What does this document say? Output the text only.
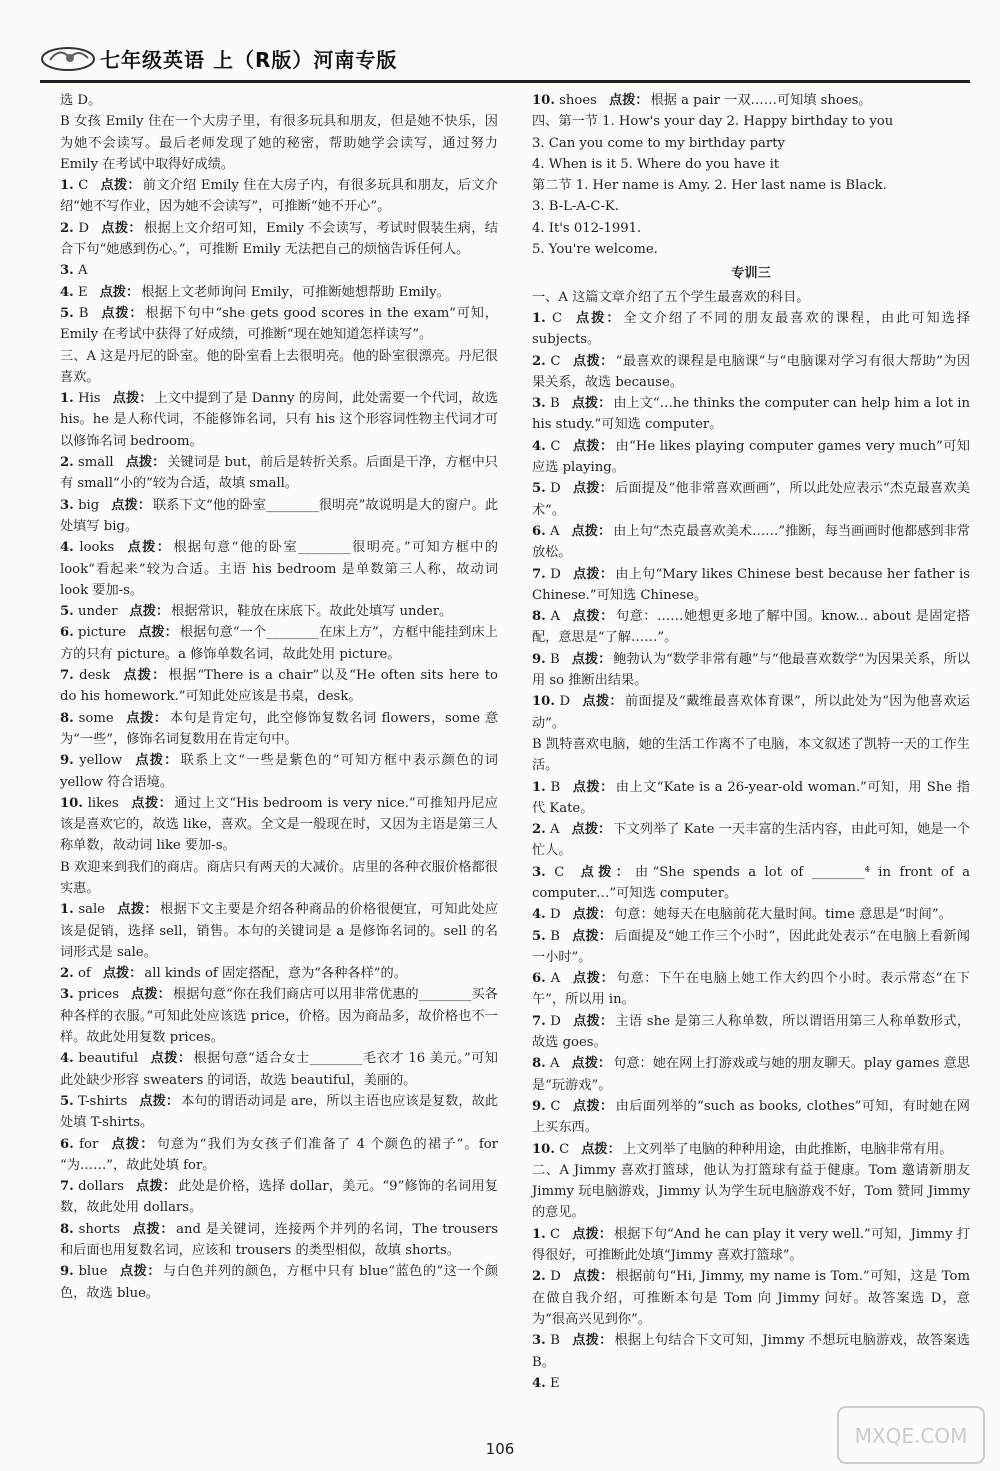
七年级英语 上（R版）河南专版

选 D。

B 女孩 Emily 住在一个大房子里，有很多玩具和朋友，但是她不快乐，因为她不会读写。最后老师发现了她的秘密，帮助她学会读写，通过努力 Emily 在考试中取得好成绩。

1. C 点拨： 前文介绍 Emily 住在大房子内，有很多玩具和朋友，后文介绍“她不写作业，因为她不会读写”，可推断“她不开心”。

2. D 点拨： 根据上文介绍可知，Emily 不会读写，考试时假装生病，结合下句“她感到伤心。”，可推断 Emily 无法把自己的烦恼告诉任何人。

3. A

4. E 点拨： 根据上文老师询问 Emily，可推断她想帮助 Emily。

5. B 点拨： 根据下句中“she gets good scores in the exam”可知，Emily 在考试中获得了好成绩，可推断“现在她知道怎样读写”。

三、A 这是丹尼的卧室。他的卧室看上去很明亮。他的卧室很漂亮。丹尼很喜欢。

1. His 点拨： 上文中提到了是 Danny 的房间，此处需要一个代词，故选 his。he 是人称代词，不能修饰名词，只有 his 这个形容词性物主代词才可以修饰名词 bedroom。

2. small 点拨： 关键词是 but，前后是转折关系。后面是干净，方框中只有 small“小的”较为合适，故填 small。

3. big 点拨： 联系下文“他的卧室________很明亮”故说明是大的窗户。此处填写 big。

4. looks 点拨： 根据句意“他的卧室________很明亮。”可知方框中的 look“看起来”较为合适。主语 his bedroom 是单数第三人称，故动词 look 要加-s。

5. under 点拨： 根据常识，鞋放在床底下。故此处填写 under。

6. picture 点拨： 根据句意“一个________在床上方”，方框中能挂到床上方的只有 picture。a 修饰单数名词，故此处用 picture。

7. desk 点拨： 根据“There is a chair”以及“He often sits here to do his homework.”可知此处应该是书桌，desk。

8. some 点拨： 本句是肯定句，此空修饰复数名词 flowers，some 意为“一些”，修饰名词复数用在肯定句中。

9. yellow 点拨： 联系上文“一些是紫色的”可知方框中表示颜色的词 yellow 符合语境。

10. likes 点拨： 通过上文“His bedroom is very nice.”可推知丹尼应该是喜欢它的，故选 like，喜欢。全文是一般现在时，又因为主语是第三人称单数，故动词 like 要加-s。

B 欢迎来到我们的商店。商店只有两天的大减价。店里的各种衣服价格都很实惠。

1. sale 点拨： 根据下文主要是介绍各种商品的价格很便宜，可知此处应该是促销，选择 sell，销售。本句的关键词是 a 是修饰名词的。sell 的名词形式是 sale。

2. of 点拨： all kinds of 固定搭配，意为“各种各样”的。

3. prices 点拨： 根据句意“你在我们商店可以用非常优惠的________买各种各样的衣服。”可知此处应该选 price，价格。因为商品多，故价格也不一样。故此处用复数 prices。

4. beautiful 点拨： 根据句意“适合女士________毛衣才 16 美元。”可知此处缺少形容 sweaters 的词语，故选 beautiful，美丽的。

5. T-shirts 点拨： 本句的谓语动词是 are，所以主语也应该是复数，故此处填 T-shirts。

6. for 点拨： 句意为“我们为女孩子们准备了 4 个颜色的裙子”。for “为……”，故此处填 for。

7. dollars 点拨： 此处是价格，选择 dollar，美元。“9”修饰的名词用复数，故此处用 dollars。

8. shorts 点拨： and 是关键词，连接两个并列的名词，The trousers 和后面也用复数名词，应该和 trousers 的类型相似，故填 shorts。

9. blue 点拨： 与白色并列的颜色，方框中只有 blue“蓝色的”这一个颜色，故选 blue。

10. shoes 点拨： 根据 a pair 一双……可知填 shoes。

四、第一节 1. How's your day 2. Happy birthday to you

3. Can you come to my birthday party

4. When is it 5. Where do you have it

第二节 1. Her name is Amy. 2. Her last name is Black.

3. B-L-A-C-K.

4. It's 012-1991.

5. You're welcome.

专训三

一、A 这篇文章介绍了五个学生最喜欢的科目。

1. C 点拨： 全文介绍了不同的朋友最喜欢的课程，由此可知选择 subjects。

2. C 点拨： “最喜欢的课程是电脑课”与“电脑课对学习有很大帮助”为因果关系，故选 because。

3. B 点拨： 由上文“…he thinks the computer can help him a lot in his study.”可知选 computer。

4. C 点拨： 由“He likes playing computer games very much”可知应选 playing。

5. D 点拨： 后面提及“他非常喜欢画画”，所以此处应表示“杰克最喜欢美术”。

6. A 点拨： 由上句“杰克最喜欢美术……”推断，每当画画时他都感到非常放松。

7. D 点拨： 由上句“Mary likes Chinese best because her father is Chinese.”可知选 Chinese。

8. A 点拨： 句意：……她想更多地了解中国。know... about 是固定搭配，意思是“了解……”。

9. B 点拨： 鲍勃认为“数学非常有趣”与“他最喜欢数学”为因果关系，所以用 so 推断出结果。

10. D 点拨： 前面提及“戴维最喜欢体育课”，所以此处为“因为他喜欢运动”。

B 凯特喜欢电脑，她的生活工作离不了电脑，本文叙述了凯特一天的工作生活。

1. B 点拨： 由上文“Kate is a 26-year-old woman.”可知，用 She 指代 Kate。

2. A 点拨： 下文列举了 Kate 一天丰富的生活内容，由此可知，她是一个忙人。

3. C 点拨： 由“She spends a lot of ________⁴ in front of a computer…”可知选 computer。

4. D 点拨： 句意：她每天在电脑前花大量时间。time 意思是“时间”。

5. B 点拨： 后面提及“她工作三个小时”，因此此处表示“在电脑上看新闻一小时”。

6. A 点拨： 句意：下午在电脑上她工作大约四个小时。表示常态“在下午”，所以用 in。

7. D 点拨： 主语 she 是第三人称单数，所以谓语用第三人称单数形式，故选 goes。

8. A 点拨： 句意：她在网上打游戏或与她的朋友聊天。play games 意思是“玩游戏”。

9. C 点拨： 由后面列举的“such as books, clothes”可知，有时她在网上买东西。

10. C 点拨： 上文列举了电脑的种种用途，由此推断，电脑非常有用。

二、A Jimmy 喜欢打篮球，他认为打篮球有益于健康。Tom 邀请新朋友 Jimmy 玩电脑游戏，Jimmy 认为学生玩电脑游戏不好，Tom 赞同 Jimmy 的意见。

1. C 点拨： 根据下句“And he can play it very well.”可知，Jimmy 打得很好，可推断此处填“Jimmy 喜欢打篮球”。

2. D 点拨： 根据前句“Hi, Jimmy, my name is Tom.”可知，这是 Tom 在做自我介绍，可推断本句是 Tom 向 Jimmy 问好。故答案选 D，意为“很高兴见到你”。

3. B 点拨： 根据上句结合下文可知，Jimmy 不想玩电脑游戏，故答案选 B。

4. E

106
MXQE.COM
